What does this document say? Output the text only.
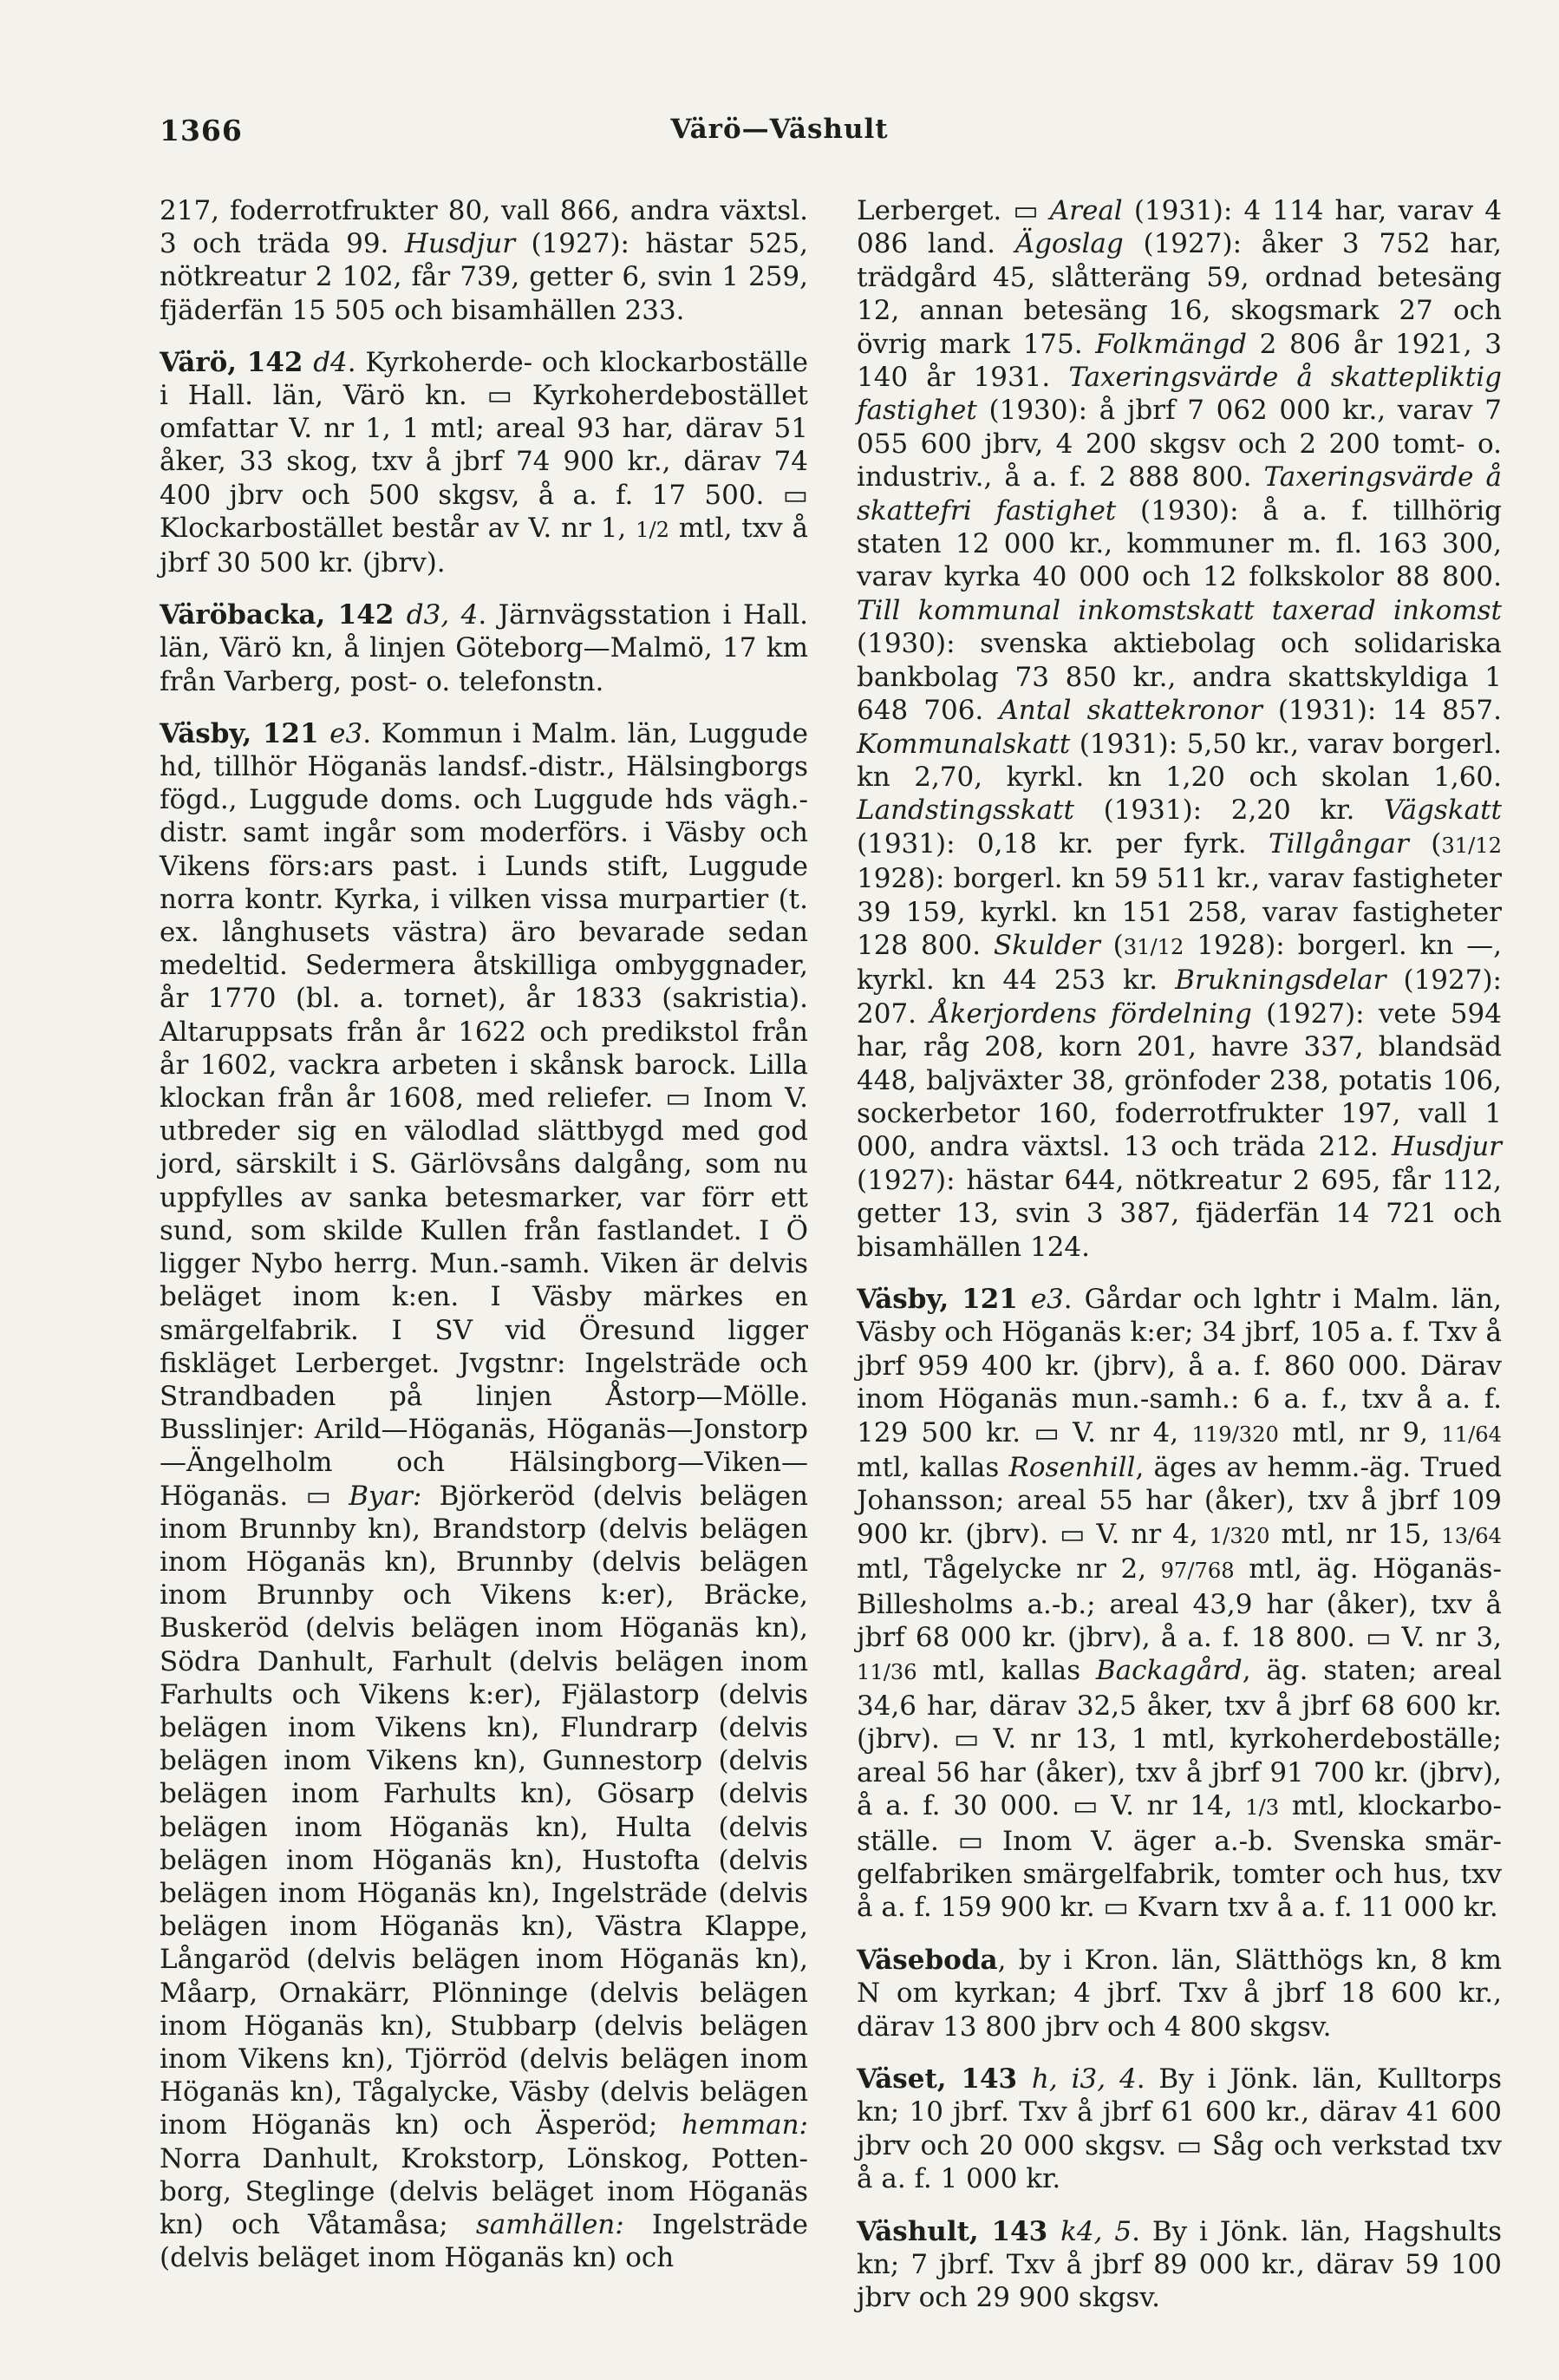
1366	Värö—Väshult

217, foderrotfrukter 80, vall 866, andra växtsl. 3 och träda 99. Husdjur (1927): hästar 525, nötkreatur 2 102, får 739, getter 6, svin 1 259, fjäderfän 15 505 och bisamhällen 233.

Värö, 142 d4. Kyrkoherde- och klockarboställe i Hall. län, Värö kn. ▭ Kyrkoherdebostället omfattar V. nr 1, 1 mtl; areal 93 har, därav 51 åker, 33 skog, txv å jbrf 74 900 kr., därav 74 400 jbrv och 500 skgsv, å a. f. 17 500. ▭ Klockarbostället består av V. nr 1, 1/2 mtl, txv å jbrf 30 500 kr. (jbrv).

Väröbacka, 142 d3, 4. Järnvägsstation i Hall. län, Värö kn, å linjen Göteborg—Malmö, 17 km från Varberg, post- o. telefonstn.

Väsby, 121 e3. Kommun i Malm. län, Luggude hd, tillhör Höganäs landsf.-distr., Hälsingborgs fögd., Luggude doms. och Luggude hds vägh.-distr. samt ingår som moderförs. i Väsby och Vikens förs:ars past. i Lunds stift, Luggude norra kontr. Kyrka, i vilken vissa murpartier (t. ex. långhusets västra) äro bevarade sedan medeltid. Sedermera åtskilliga ombyggnader, år 1770 (bl. a. tornet), år 1833 (sakristia). Altaruppsats från år 1622 och predikstol från år 1602, vackra arbeten i skånsk barock. Lilla klockan från år 1608, med reliefer. ▭ Inom V. utbreder sig en välodlad slättbygd med god jord, särskilt i S. Gärlövsåns dalgång, som nu uppfylles av sanka betesmarker, var förr ett sund, som skilde Kullen från fastlandet. I Ö ligger Nybo herrg. Mun.-samh. Viken är delvis beläget inom k:en. I Väsby märkes en smärgelfabrik. I SV vid Öresund ligger fiskläget Lerberget. Jvgstnr: Ingelsträde och Strandbaden på linjen Åstorp—Mölle. Busslinjer: Arild—Höganäs, Höganäs—Jonstorp—Ängelholm och Hälsingborg—Viken—Höganäs. ▭ Byar: Björkeröd (delvis belägen inom Brunnby kn), Brandstorp (delvis belägen inom Höganäs kn), Brunnby (delvis belägen inom Brunnby och Vikens k:er), Bräcke, Buskeröd (delvis belägen inom Höganäs kn), Södra Danhult, Farhult (delvis belägen inom Farhults och Vikens k:er), Fjälastorp (delvis belägen inom Vikens kn), Flundrarp (delvis belägen inom Vikens kn), Gunnestorp (delvis belägen inom Farhults kn), Gösarp (delvis belägen inom Höganäs kn), Hulta (delvis belägen inom Höganäs kn), Hustofta (delvis belägen inom Höganäs kn), Ingelsträde (delvis belägen inom Höganäs kn), Västra Klappe, Långaröd (delvis belägen inom Höganäs kn), Måarp, Ornakärr, Plönninge (delvis belägen inom Höganäs kn), Stubbarp (delvis belägen inom Vikens kn), Tjörröd (delvis belägen inom Höganäs kn), Tågalycke, Väsby (delvis belägen inom Höganäs kn) och Äsperöd; hemman: Norra Danhult, Krokstorp, Lönskog, Pottenborg, Steglinge (delvis beläget inom Höganäs kn) och Våtamåsa; samhällen: Ingelsträde (delvis beläget inom Höganäs kn) och

Lerberget. ▭ Areal (1931): 4 114 har, varav 4 086 land. Ägoslag (1927): åker 3 752 har, trädgård 45, slåtteräng 59, ordnad betesäng 12, annan betesäng 16, skogsmark 27 och övrig mark 175. Folkmängd 2 806 år 1921, 3 140 år 1931. Taxeringsvärde å skattepliktig fastighet (1930): å jbrf 7 062 000 kr., varav 7 055 600 jbrv, 4 200 skgsv och 2 200 tomt- o. industriv., å a. f. 2 888 800. Taxeringsvärde å skattefri fastighet (1930): å a. f. tillhörig staten 12 000 kr., kommuner m. fl. 163 300, varav kyrka 40 000 och 12 folkskolor 88 800. Till kommunal inkomstskatt taxerad inkomst (1930): svenska aktiebolag och solidariska bankbolag 73 850 kr., andra skattskyldiga 1 648 706. Antal skattekronor (1931): 14 857. Kommunalskatt (1931): 5,50 kr., varav borgerl. kn 2,70, kyrkl. kn 1,20 och skolan 1,60. Landstingsskatt (1931): 2,20 kr. Vägskatt (1931): 0,18 kr. per fyrk. Tillgångar (31/12 1928): borgerl. kn 59 511 kr., varav fastigheter 39 159, kyrkl. kn 151 258, varav fastigheter 128 800. Skulder (31/12 1928): borgerl. kn —, kyrkl. kn 44 253 kr. Brukningsdelar (1927): 207. Åkerjordens fördelning (1927): vete 594 har, råg 208, korn 201, havre 337, blandsäd 448, baljväxter 38, grönfoder 238, potatis 106, sockerbetor 160, foderrotfrukter 197, vall 1 000, andra växtsl. 13 och träda 212. Husdjur (1927): hästar 644, nötkreatur 2 695, får 112, getter 13, svin 3 387, fjäderfän 14 721 och bisamhällen 124.

Väsby, 121 e3. Gårdar och lghtr i Malm. län, Väsby och Höganäs k:er; 34 jbrf, 105 a. f. Txv å jbrf 959 400 kr. (jbrv), å a. f. 860 000. Därav inom Höganäs mun.-samh.: 6 a. f., txv å a. f. 129 500 kr. ▭ V. nr 4, 119/320 mtl, nr 9, 11/64 mtl, kallas Rosenhill, äges av hemm.-äg. Trued Johansson; areal 55 har (åker), txv å jbrf 109 900 kr. (jbrv). ▭ V. nr 4, 1/320 mtl, nr 15, 13/64 mtl, Tågelycke nr 2, 97/768 mtl, äg. Höganäs-Billesholms a.-b.; areal 43,9 har (åker), txv å jbrf 68 000 kr. (jbrv), å a. f. 18 800. ▭ V. nr 3, 11/36 mtl, kallas Backagård, äg. staten; areal 34,6 har, därav 32,5 åker, txv å jbrf 68 600 kr. (jbrv). ▭ V. nr 13, 1 mtl, kyrkoherdeboställe; areal 56 har (åker), txv å jbrf 91 700 kr. (jbrv), å a. f. 30 000. ▭ V. nr 14, 1/3 mtl, klockarboställe. ▭ Inom V. äger a.-b. Svenska smärgelfabriken smärgelfabrik, tomter och hus, txv å a. f. 159 900 kr. ▭ Kvarn txv å a. f. 11 000 kr.

Väseboda, by i Kron. län, Slätthögs kn, 8 km N om kyrkan; 4 jbrf. Txv å jbrf 18 600 kr., därav 13 800 jbrv och 4 800 skgsv.

Väset, 143 h, i3, 4. By i Jönk. län, Kulltorps kn; 10 jbrf. Txv å jbrf 61 600 kr., därav 41 600 jbrv och 20 000 skgsv. ▭ Såg och verkstad txv å a. f. 1 000 kr.

Väshult, 143 k4, 5. By i Jönk. län, Hagshults kn; 7 jbrf. Txv å jbrf 89 000 kr., därav 59 100 jbrv och 29 900 skgsv.
